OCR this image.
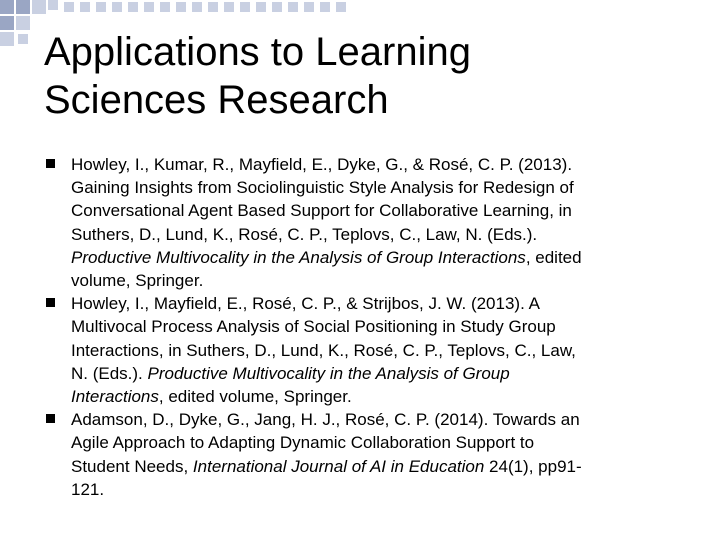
Applications to Learning
Sciences Research
Howley, I., Kumar, R., Mayfield, E., Dyke, G., & Rosé, C. P. (2013).
Gaining Insights from Sociolinguistic Style Analysis for Redesign of
Conversational Agent Based Support for Collaborative Learning, in
Suthers, D., Lund, K., Rosé, C. P., Teplovs, C., Law, N. (Eds.).
Productive Multivocality in the Analysis of Group Interactions, edited
volume, Springer.
Howley, I., Mayfield, E., Rosé, C. P., & Strijbos, J. W. (2013). A
Multivocal Process Analysis of Social Positioning in Study Group
Interactions, in Suthers, D., Lund, K., Rosé, C. P., Teplovs, C., Law,
N. (Eds.). Productive Multivocality in the Analysis of Group
Interactions, edited volume, Springer.
Adamson, D., Dyke, G., Jang, H. J., Rosé, C. P. (2014). Towards an
Agile Approach to Adapting Dynamic Collaboration Support to
Student Needs, International Journal of AI in Education 24(1), pp91-
121.
